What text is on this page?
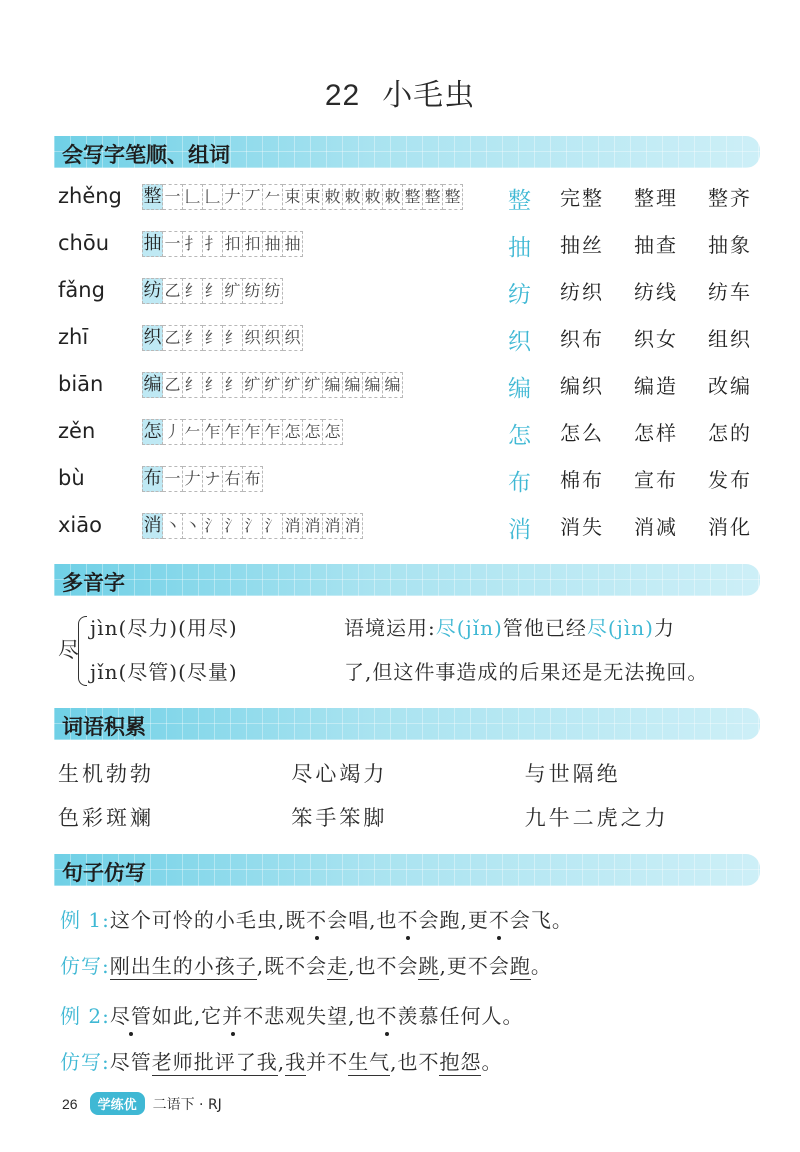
22 小毛虫
会写字笔顺、组词
zhěng	整 一 𠃊 𠃊 𠂇 丆 𠂉 束 束 敕 敕 敕 敕 整 整 整 整 完整	整理	整齐
chōu	抽 一 扌 扌 扣 扣 抽 抽	抽 抽丝	抽查	抽象
fǎng	纺 乙 纟 纟 纩 纺 纺	纺 纺织	纺线	纺车
zhī	织 乙 纟 纟 纟 织 织 织	织 织布	织女	组织
biān	编 乙 纟 纟 纟 纩 纩 纩 纩 编 编 编 编	编 编织	编造	改编
zěn	怎 丿 𠂉 乍 乍 乍 乍 怎 怎 怎	怎 怎么	怎样	怎的
bù	布 一 𠂇 ナ 右 布	布 棉布	宣布	发布
xiāo	消 丶 丶 氵 氵 氵 氵 消 消 消 消	消 消失	消减	消化
多音字
尽
jìn(尽力)(用尽)
jǐn(尽管)(尽量)
语境运用:尽(jǐn)管他已经尽(jìn)力
了,但这件事造成的后果还是无法挽回。
词语积累
生机勃勃	尽心竭力	与世隔绝
色彩斑斓	笨手笨脚	九牛二虎之力
句子仿写
例 1:这个可怜的小毛虫,既不会唱,也不会跑,更不会飞。
仿写:刚出生的小孩子,既不会走,也不会跳,更不会跑。
例 2:尽管如此,它并不悲观失望,也不羡慕任何人。
仿写:尽管老师批评了我,我并不生气,也不抱怨。
26	学练优	二语下 · RJ
